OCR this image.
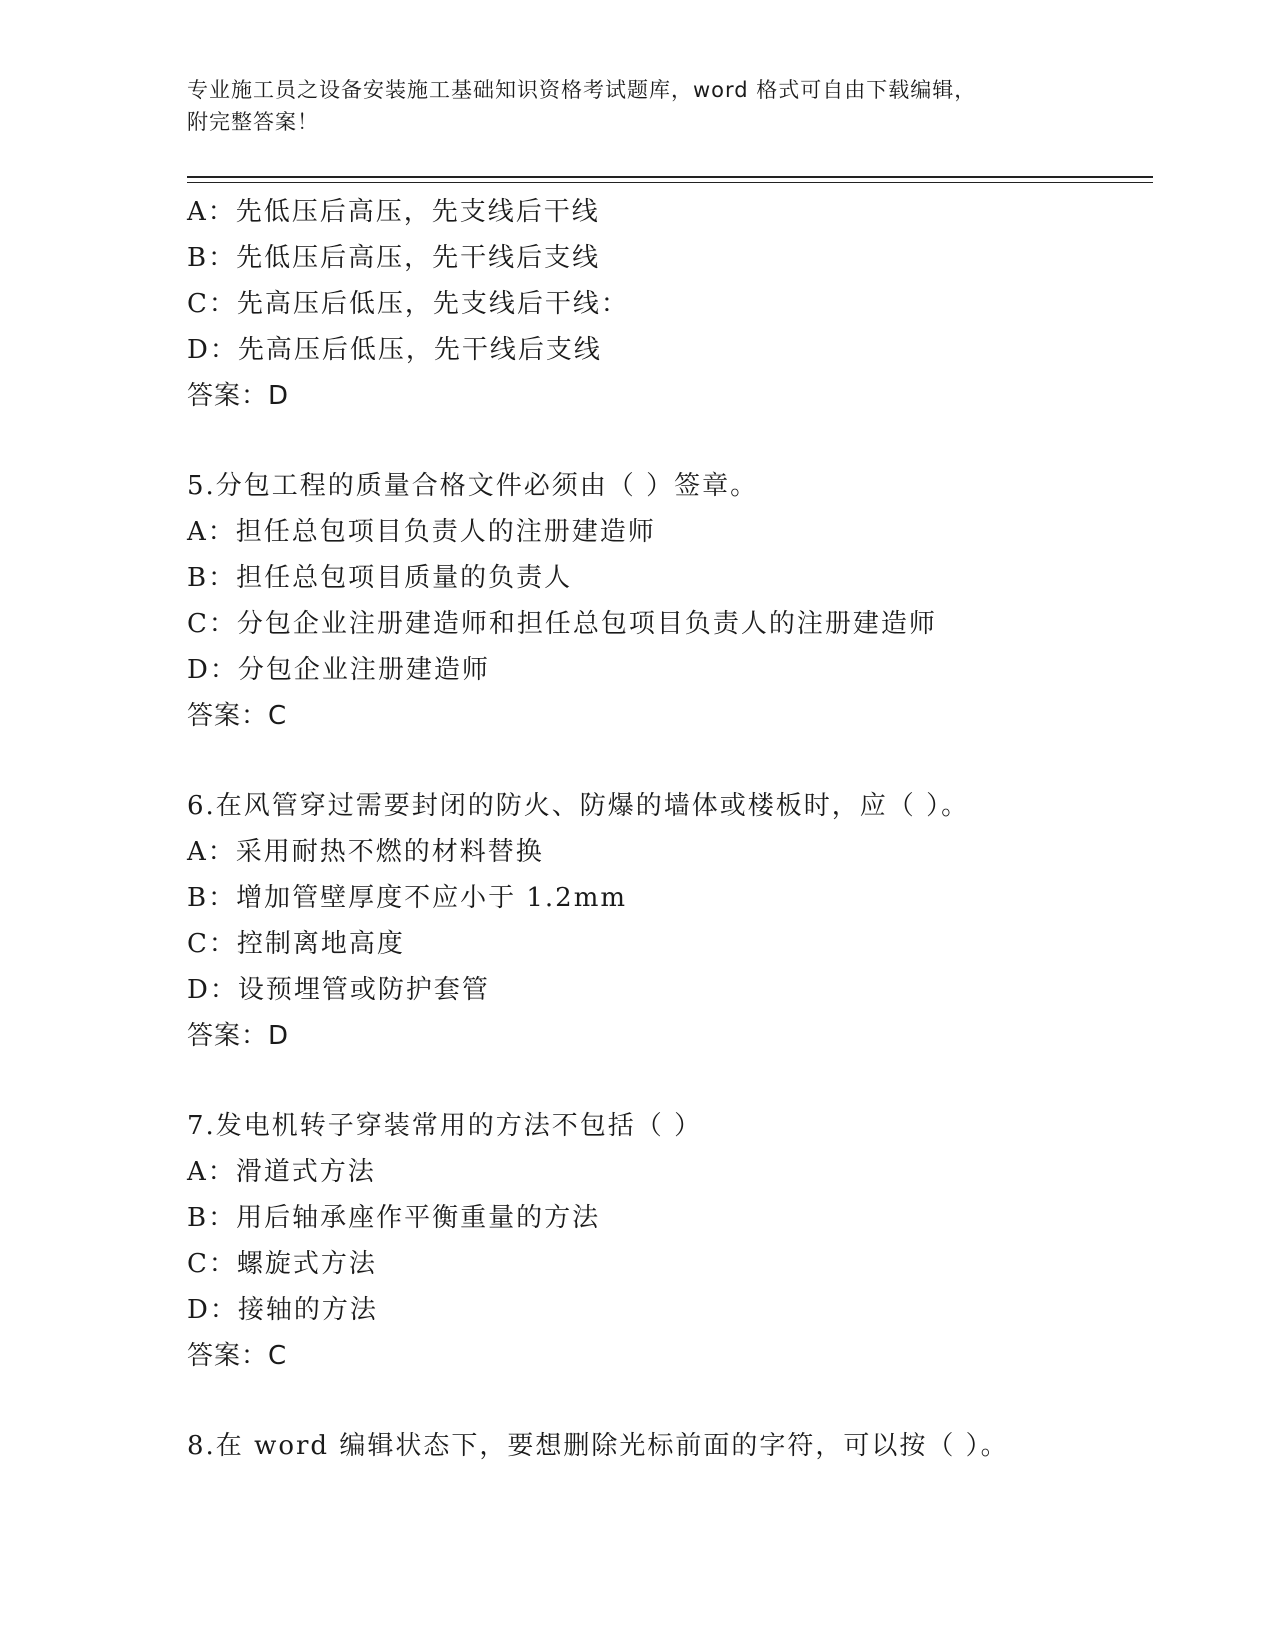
专业施工员之设备安装施工基础知识资格考试题库，word 格式可自由下载编辑，
附完整答案！
A：先低压后高压，先支线后干线
B：先低压后高压，先干线后支线
C：先高压后低压，先支线后干线：
D：先高压后低压，先干线后支线
答案：D
5.分包工程的质量合格文件必须由（ ）签章。
A：担任总包项目负责人的注册建造师
B：担任总包项目质量的负责人
C：分包企业注册建造师和担任总包项目负责人的注册建造师
D：分包企业注册建造师
答案：C
6.在风管穿过需要封闭的防火、防爆的墙体或楼板时，应（ ）。
A：采用耐热不燃的材料替换
B：增加管壁厚度不应小于 1.2mm
C：控制离地高度
D：设预埋管或防护套管
答案：D
7.发电机转子穿装常用的方法不包括（ ）
A：滑道式方法
B：用后轴承座作平衡重量的方法
C：螺旋式方法
D：接轴的方法
答案：C
8.在 word 编辑状态下，要想删除光标前面的字符，可以按（ ）。
